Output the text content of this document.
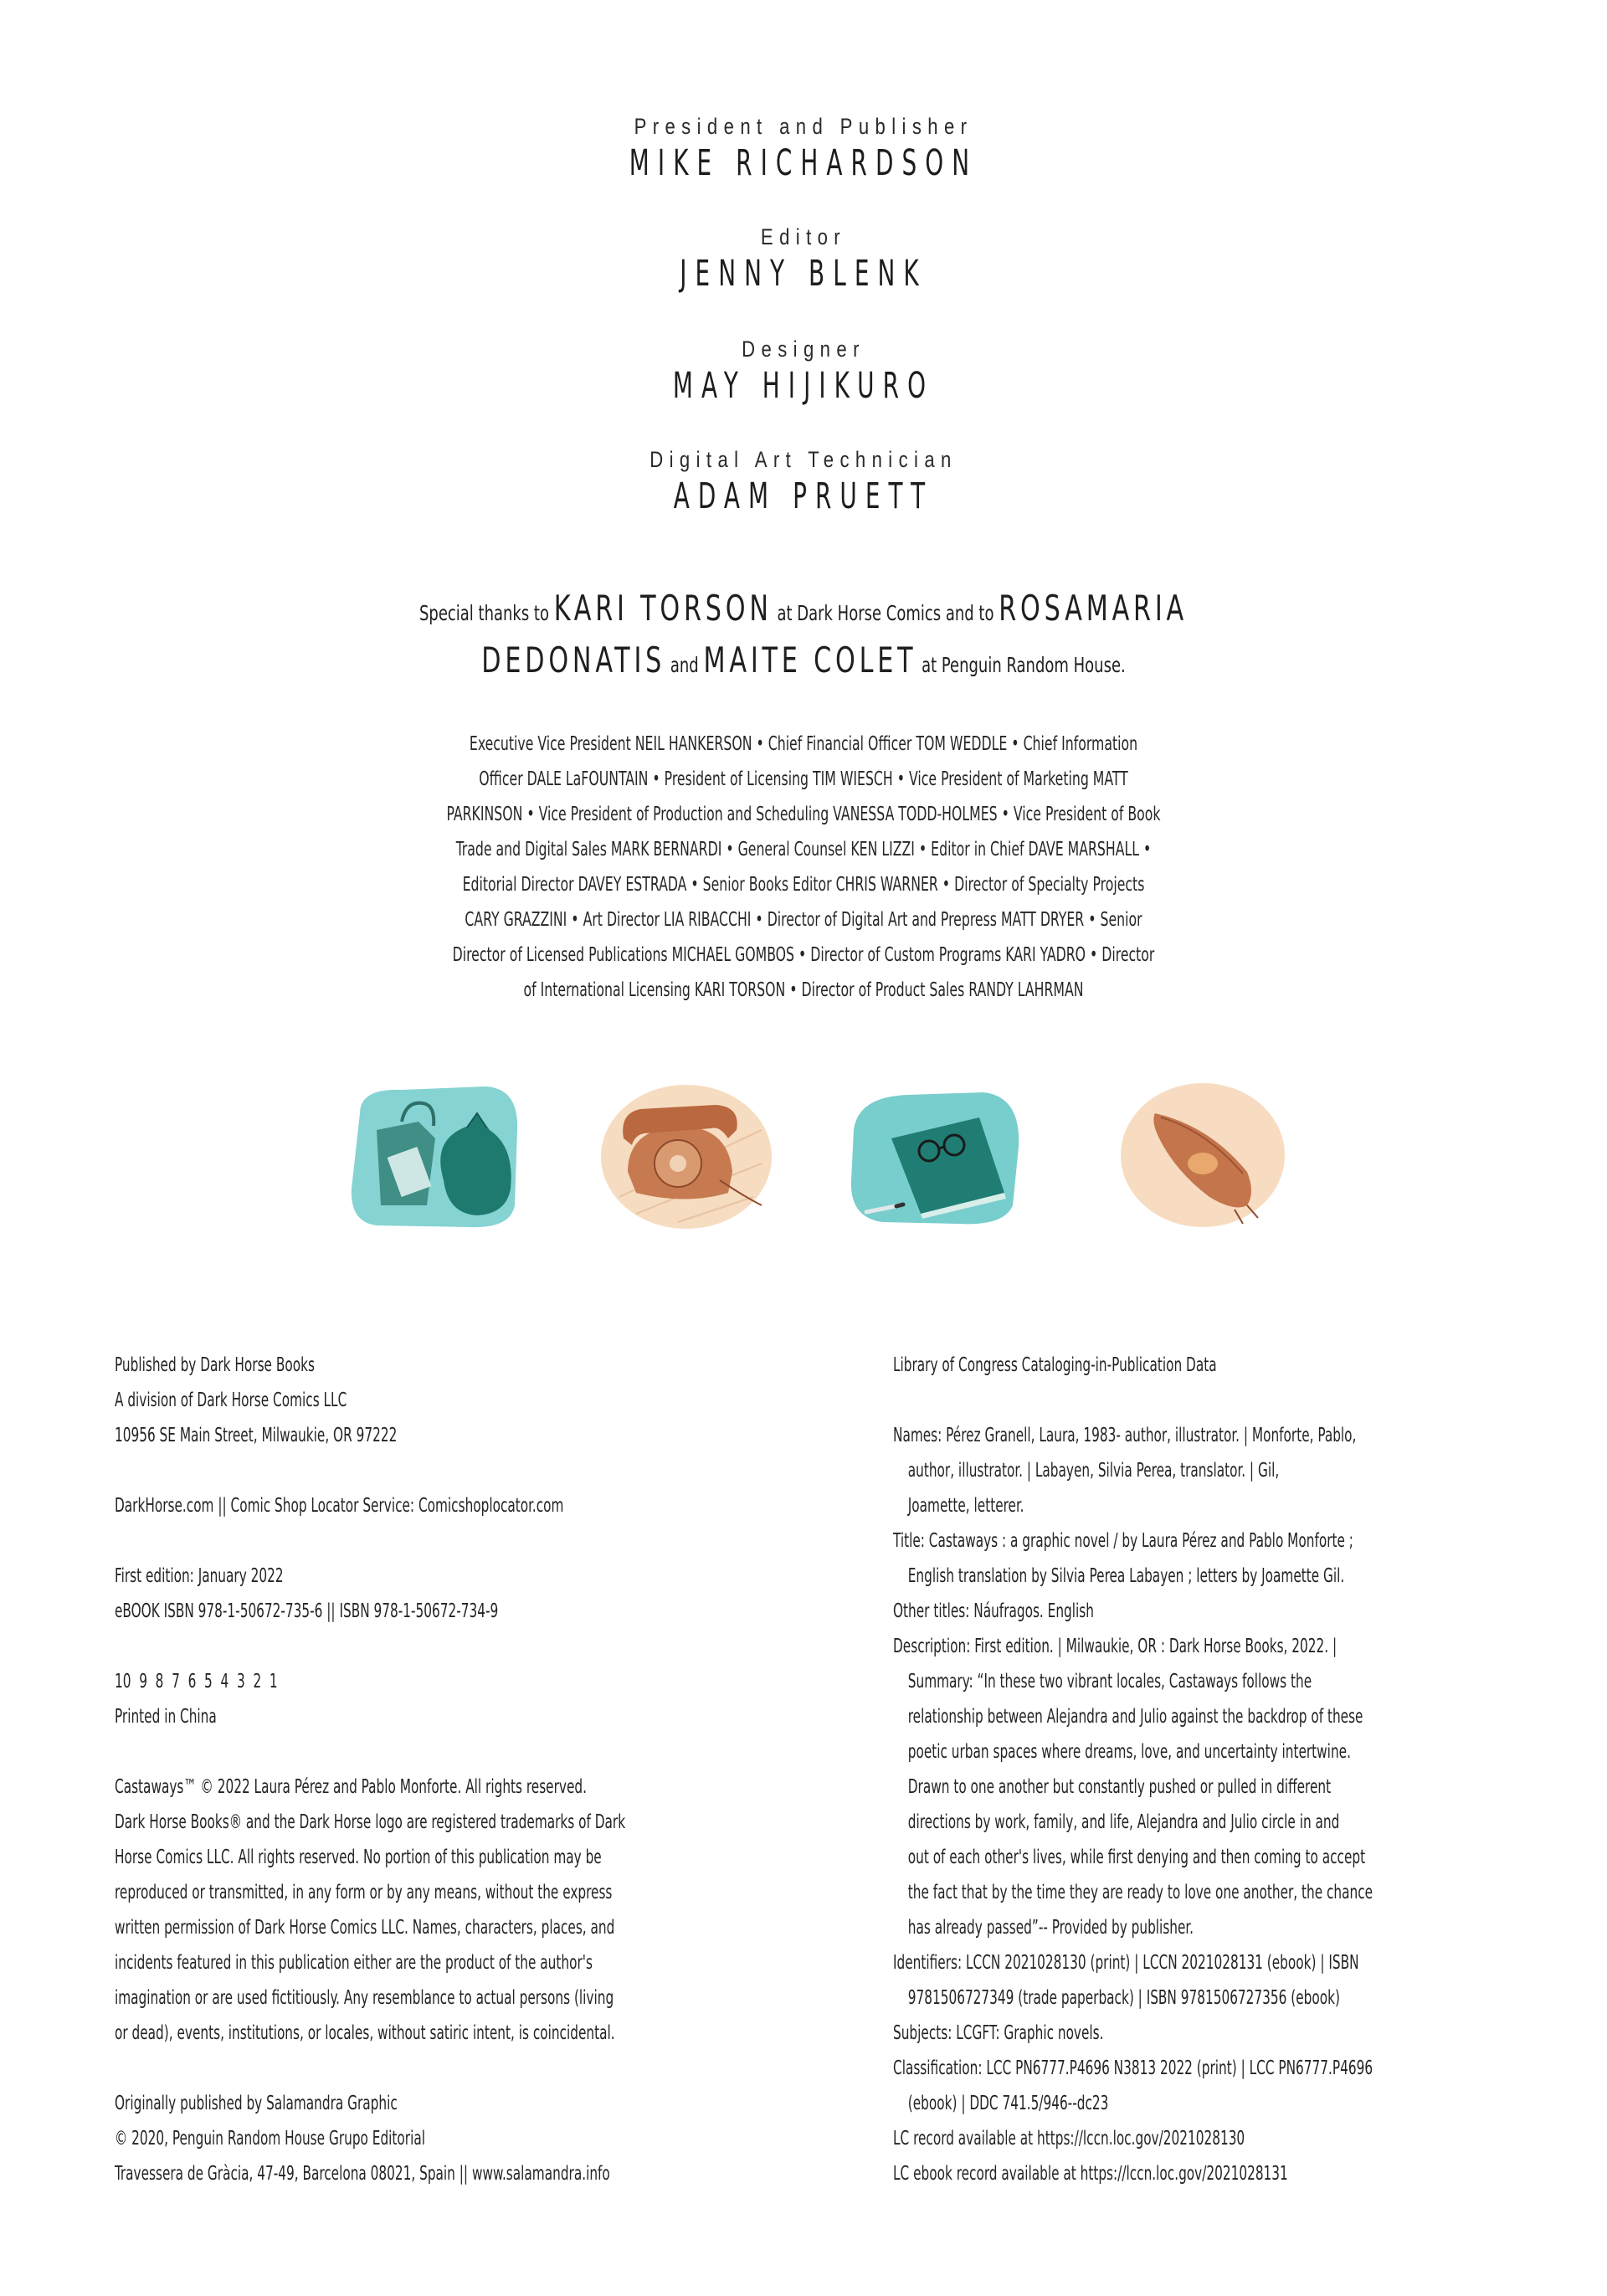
President and Publisher
MIKE RICHARDSON
Editor
JENNY BLENK
Designer
MAY HIJIKURO
Digital Art Technician
ADAM PRUETT
Special thanks to KARI TORSON at Dark Horse Comics and to ROSAMARIA
DEDONATIS and MAITE COLET at Penguin Random House.
Executive Vice President NEIL HANKERSON • Chief Financial Officer TOM WEDDLE • Chief Information
Officer DALE LaFOUNTAIN • President of Licensing TIM WIESCH • Vice President of Marketing MATT
PARKINSON • Vice President of Production and Scheduling VANESSA TODD-HOLMES • Vice President of Book
Trade and Digital Sales MARK BERNARDI • General Counsel KEN LIZZI • Editor in Chief DAVE MARSHALL •
Editorial Director DAVEY ESTRADA • Senior Books Editor CHRIS WARNER • Director of Specialty Projects
CARY GRAZZINI • Art Director LIA RIBACCHI • Director of Digital Art and Prepress MATT DRYER • Senior
Director of Licensed Publications MICHAEL GOMBOS • Director of Custom Programs KARI YADRO • Director
of International Licensing KARI TORSON • Director of Product Sales RANDY LAHRMAN
Published by Dark Horse Books
A division of Dark Horse Comics LLC
10956 SE Main Street, Milwaukie, OR 97222
DarkHorse.com || Comic Shop Locator Service: Comicshoplocator.com
First edition: January 2022
eBOOK ISBN 978-1-50672-735-6 || ISBN 978-1-50672-734-9
10  9  8  7  6  5  4  3  2  1
Printed in China
Castaways™ © 2022 Laura Pérez and Pablo Monforte. All rights reserved.
Dark Horse Books® and the Dark Horse logo are registered trademarks of Dark
Horse Comics LLC. All rights reserved. No portion of this publication may be
reproduced or transmitted, in any form or by any means, without the express
written permission of Dark Horse Comics LLC. Names, characters, places, and
incidents featured in this publication either are the product of the author's
imagination or are used fictitiously. Any resemblance to actual persons (living
or dead), events, institutions, or locales, without satiric intent, is coincidental.
Originally published by Salamandra Graphic
© 2020, Penguin Random House Grupo Editorial
Travessera de Gràcia, 47-49, Barcelona 08021, Spain || www.salamandra.info
Library of Congress Cataloging-in-Publication Data
Names: Pérez Granell, Laura, 1983- author, illustrator. | Monforte, Pablo,
author, illustrator. | Labayen, Silvia Perea, translator. | Gil,
Joamette, letterer.
Title: Castaways : a graphic novel / by Laura Pérez and Pablo Monforte ;
English translation by Silvia Perea Labayen ; letters by Joamette Gil.
Other titles: Náufragos. English
Description: First edition. | Milwaukie, OR : Dark Horse Books, 2022. |
Summary: “In these two vibrant locales, Castaways follows the
relationship between Alejandra and Julio against the backdrop of these
poetic urban spaces where dreams, love, and uncertainty intertwine.
Drawn to one another but constantly pushed or pulled in different
directions by work, family, and life, Alejandra and Julio circle in and
out of each other's lives, while first denying and then coming to accept
the fact that by the time they are ready to love one another, the chance
has already passed”-- Provided by publisher.
Identifiers: LCCN 2021028130 (print) | LCCN 2021028131 (ebook) | ISBN
9781506727349 (trade paperback) | ISBN 9781506727356 (ebook)
Subjects: LCGFT: Graphic novels.
Classification: LCC PN6777.P4696 N3813 2022 (print) | LCC PN6777.P4696
(ebook) | DDC 741.5/946--dc23
LC record available at https://lccn.loc.gov/2021028130
LC ebook record available at https://lccn.loc.gov/2021028131
